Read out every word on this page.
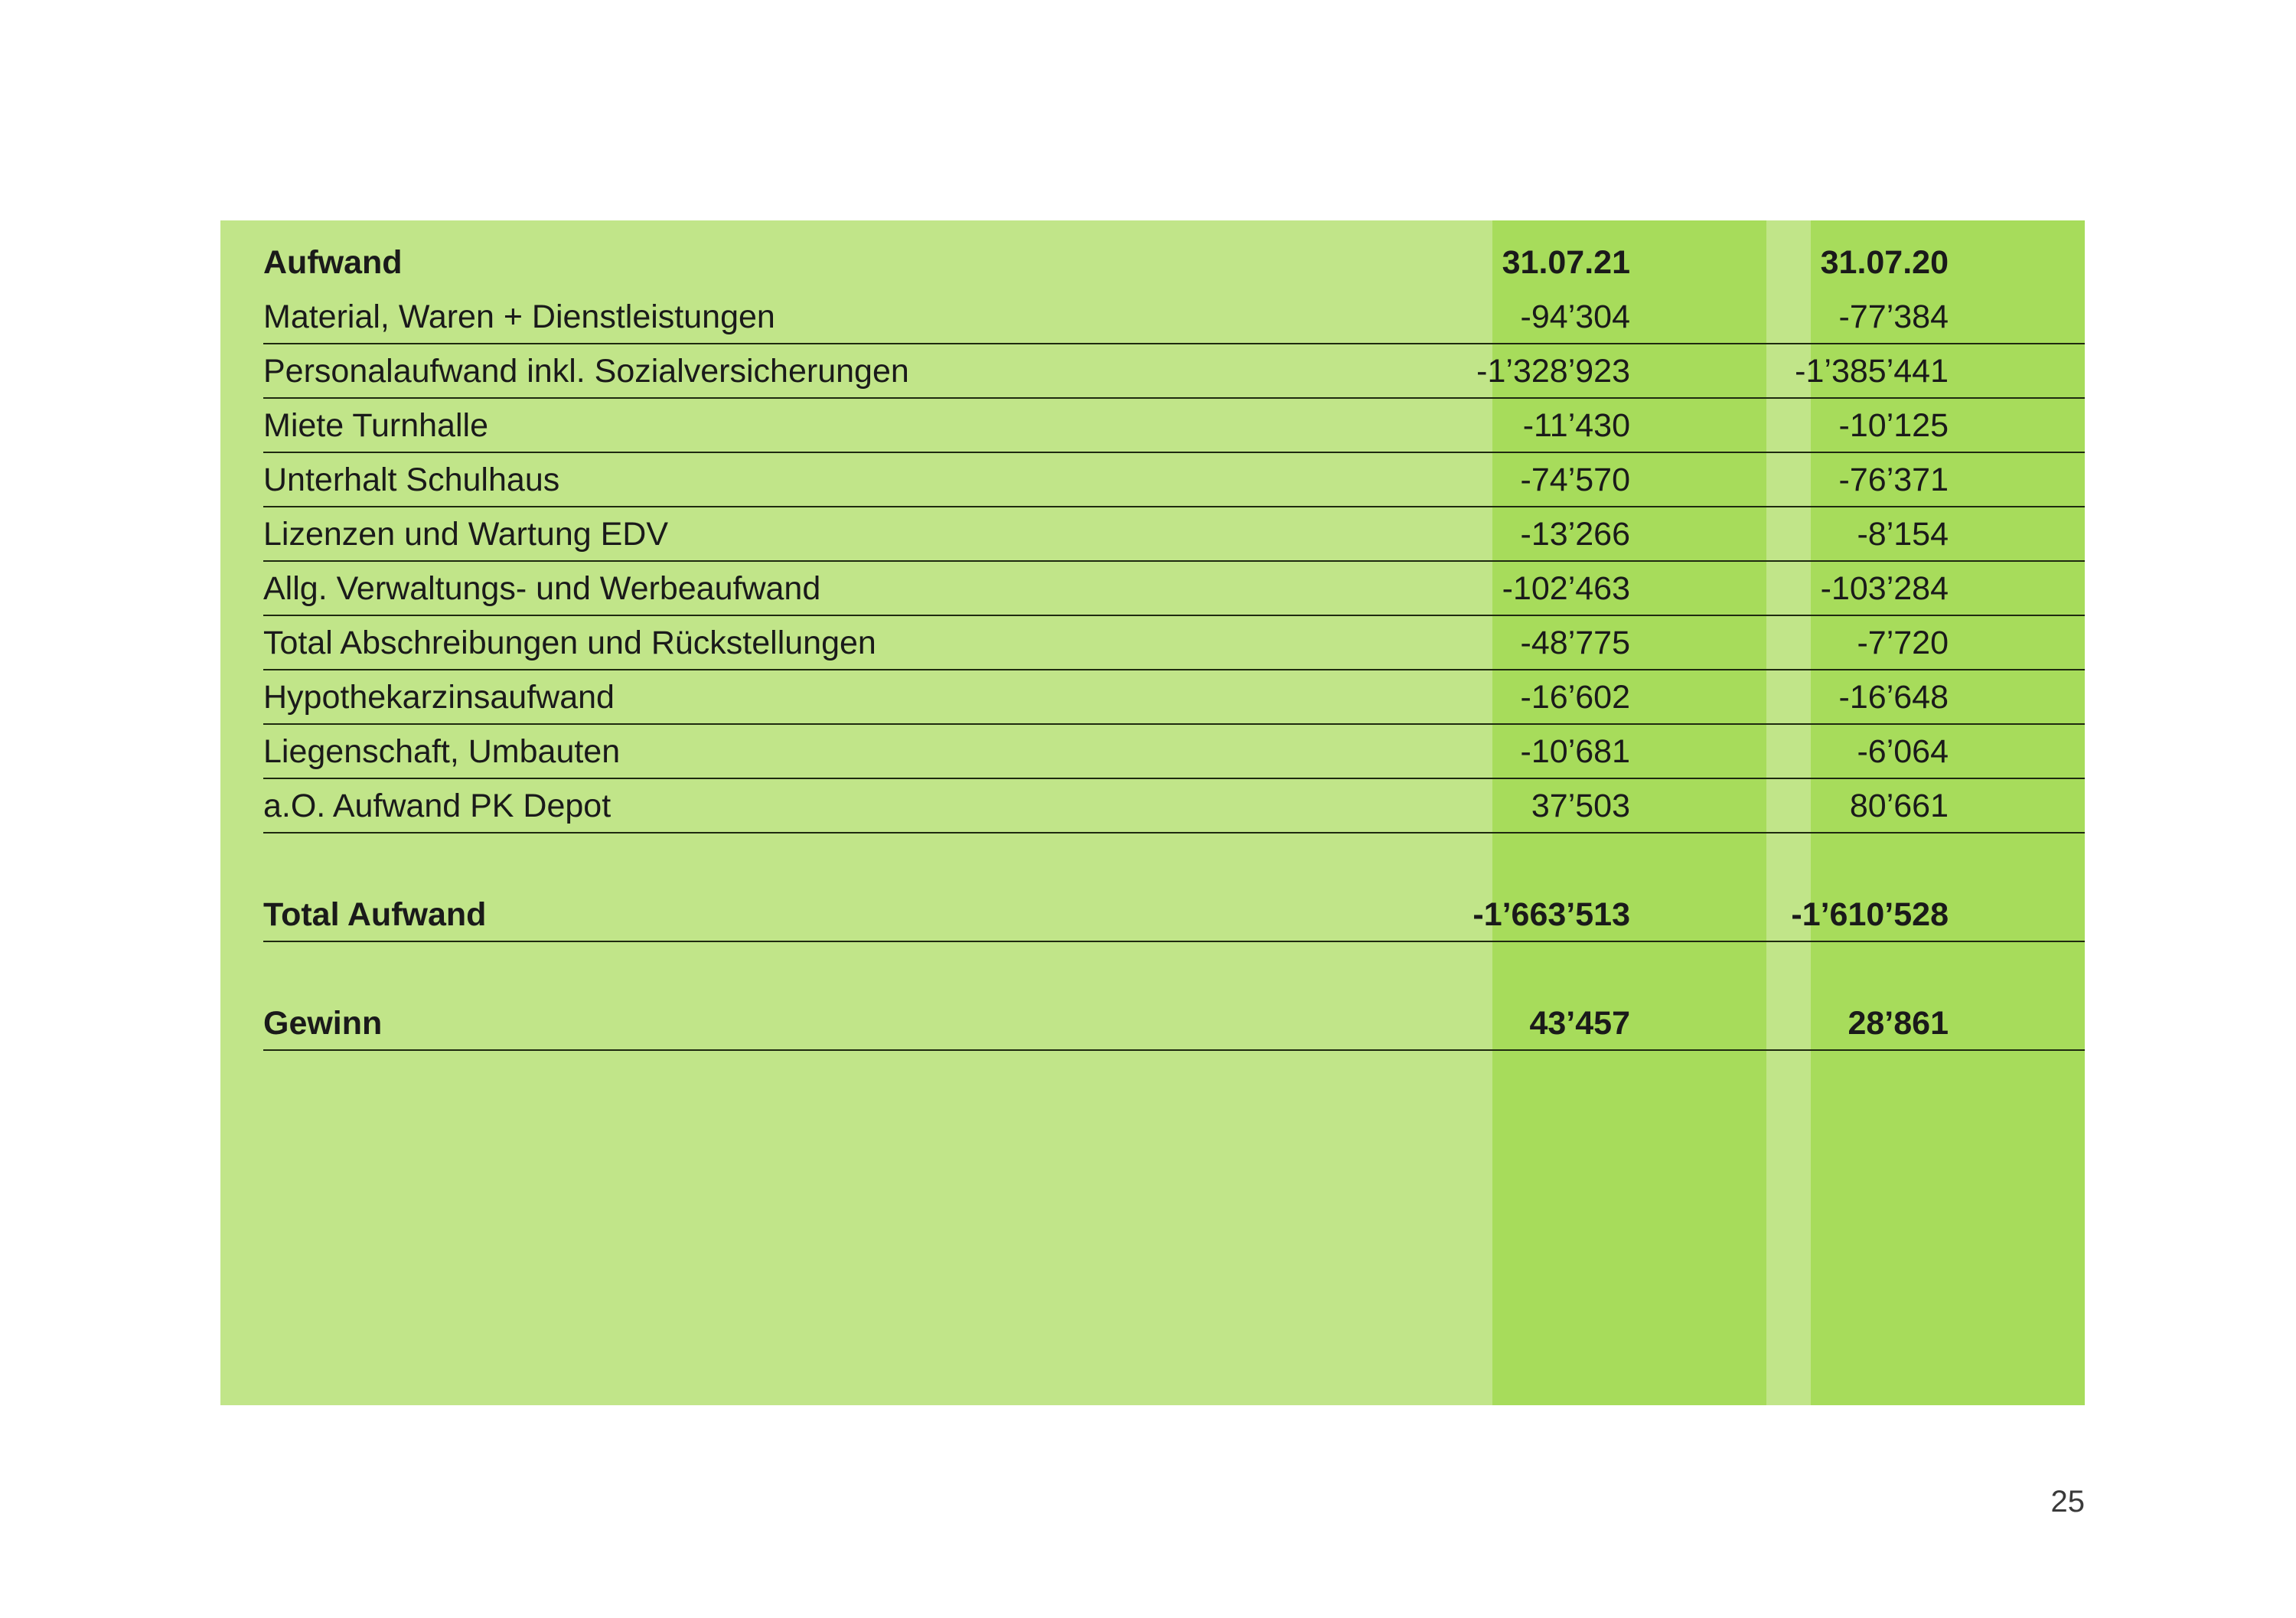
Aufwand	31.07.21	31.07.20
Material, Waren + Dienstleistungen	-94’304	-77’384
Personalaufwand inkl. Sozialversicherungen	-1’328’923	-1’385’441
Miete Turnhalle	-11’430	-10’125
Unterhalt Schulhaus	-74’570	-76’371
Lizenzen und Wartung EDV	-13’266	-8’154
Allg. Verwaltungs- und Werbeaufwand	-102’463	-103’284
Total Abschreibungen und Rückstellungen	-48’775	-7’720
Hypothekarzinsaufwand	-16’602	-16’648
Liegenschaft, Umbauten	-10’681	-6’064
a.O. Aufwand PK Depot	37’503	80’661
Total Aufwand	-1’663’513	-1’610’528
Gewinn	43’457	28’861
25
